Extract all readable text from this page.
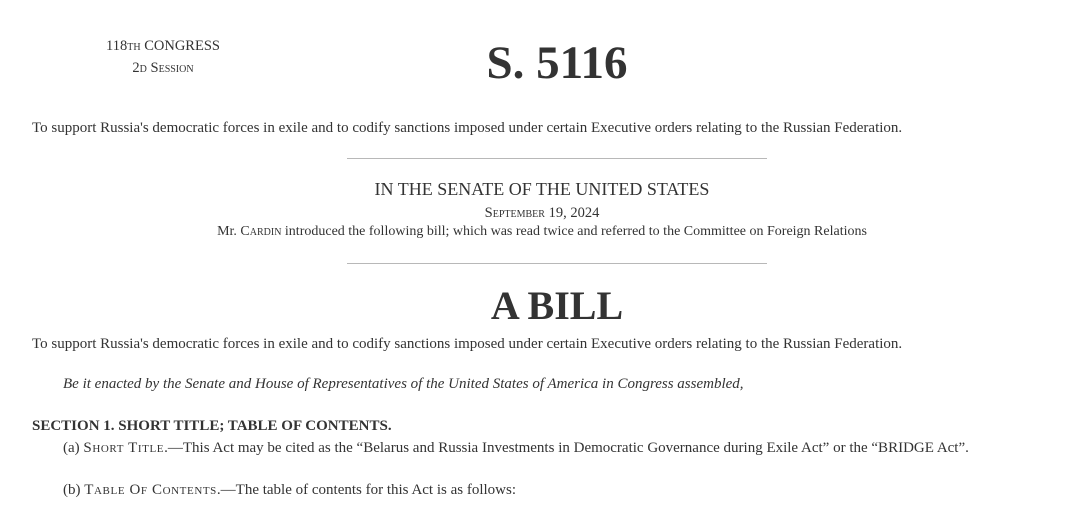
118th CONGRESS
2d Session	S. 5116
To support Russia's democratic forces in exile and to codify sanctions imposed under certain Executive orders relating to the Russian Federation.
IN THE SENATE OF THE UNITED STATES
September 19, 2024
Mr. Cardin introduced the following bill; which was read twice and referred to the Committee on Foreign Relations
A BILL
To support Russia's democratic forces in exile and to codify sanctions imposed under certain Executive orders relating to the Russian Federation.
Be it enacted by the Senate and House of Representatives of the United States of America in Congress assembled,
SECTION 1. SHORT TITLE; TABLE OF CONTENTS.
(a) Short Title.—This Act may be cited as the “Belarus and Russia Investments in Democratic Governance during Exile Act” or the “BRIDGE Act”.
(b) Table Of Contents.—The table of contents for this Act is as follows:
